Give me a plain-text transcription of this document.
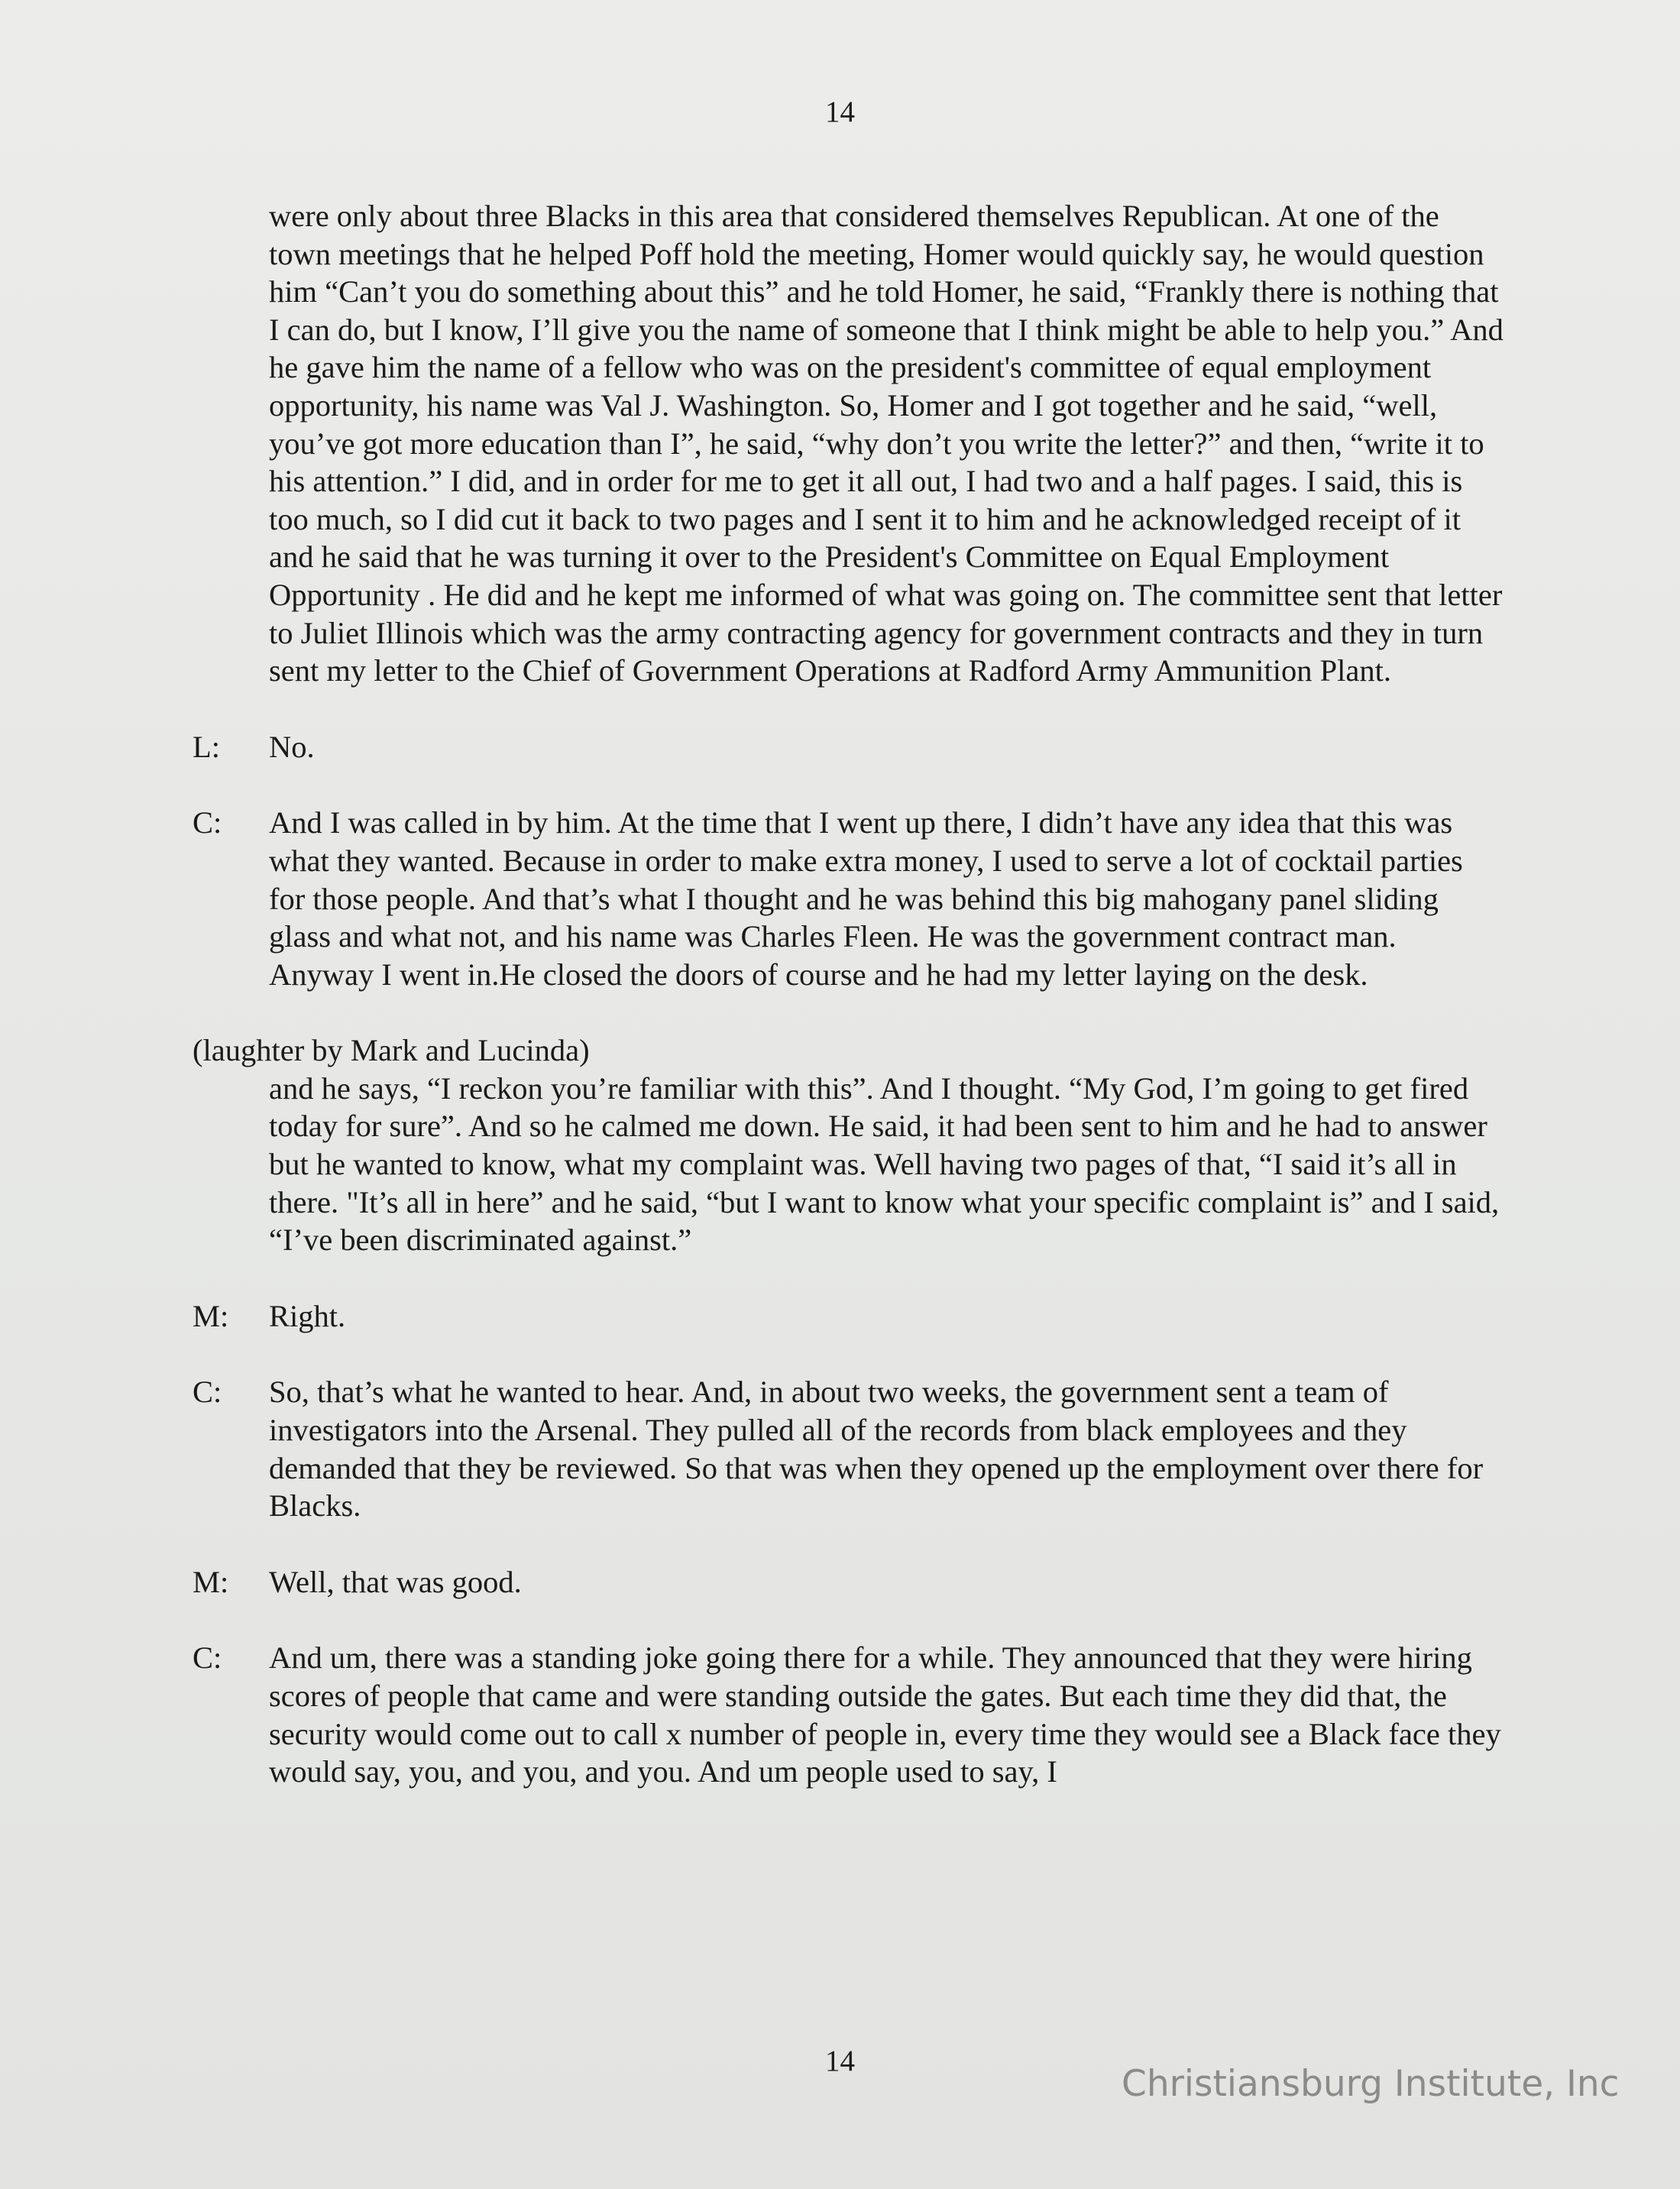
14
were only about three Blacks in this area that considered themselves Republican. At one of the town meetings that he helped Poff hold the meeting, Homer would quickly say, he would question him “Can’t you do something about this” and he told Homer, he said, “Frankly there is nothing that I can do, but I know, I’ll give you the name of someone that I think might be able to help you.” And he gave him the name of a fellow who was on the president's committee of equal employment opportunity, his name was Val J. Washington. So, Homer and I got together and he said, “well, you’ve got more education than I”, he said, “why don’t you write the letter?” and then, “write it to his attention.” I did, and in order for me to get it all out, I had two and a half pages. I said, this is too much, so I did cut it back to two pages and I sent it to him and he acknowledged receipt of it and he said that he was turning it over to the President's Committee on Equal Employment Opportunity . He did and he kept me informed of what was going on. The committee sent that letter to Juliet Illinois which was the army contracting agency for government contracts and they in turn sent my letter to the Chief of Government Operations at Radford Army Ammunition Plant.
L:	No.
C:	And I was called in by him. At the time that I went up there, I didn’t have any idea that this was what they wanted. Because in order to make extra money, I used to serve a lot of cocktail parties for those people. And that’s what I thought and he was behind this big mahogany panel sliding glass and what not, and his name was Charles Fleen. He was the government contract man. Anyway I went in.He closed the doors of course and he had my letter laying on the desk.
(laughter by Mark and Lucinda)
and he says, “I reckon you’re familiar with this”. And I thought. “My God, I’m going to get fired today for sure”. And so he calmed me down. He said, it had been sent to him and he had to answer but he wanted to know, what my complaint was. Well having two pages of that, “I said it’s all in there. "It’s all in here” and he said, “but I want to know what your specific complaint is” and I said, “I’ve been discriminated against.”
M:	Right.
C:	So, that’s what he wanted to hear. And, in about two weeks, the government sent a team of investigators into the Arsenal. They pulled all of the records from black employees and they demanded that they be reviewed. So that was when they opened up the employment over there for Blacks.
M:	Well, that was good.
C:	And um, there was a standing joke going there for a while. They announced that they were hiring scores of people that came and were standing outside the gates. But each time they did that, the security would come out to call x number of people in, every time they would see a Black face they would say, you, and you, and you. And um people used to say, I
14
Christiansburg Institute, Inc
